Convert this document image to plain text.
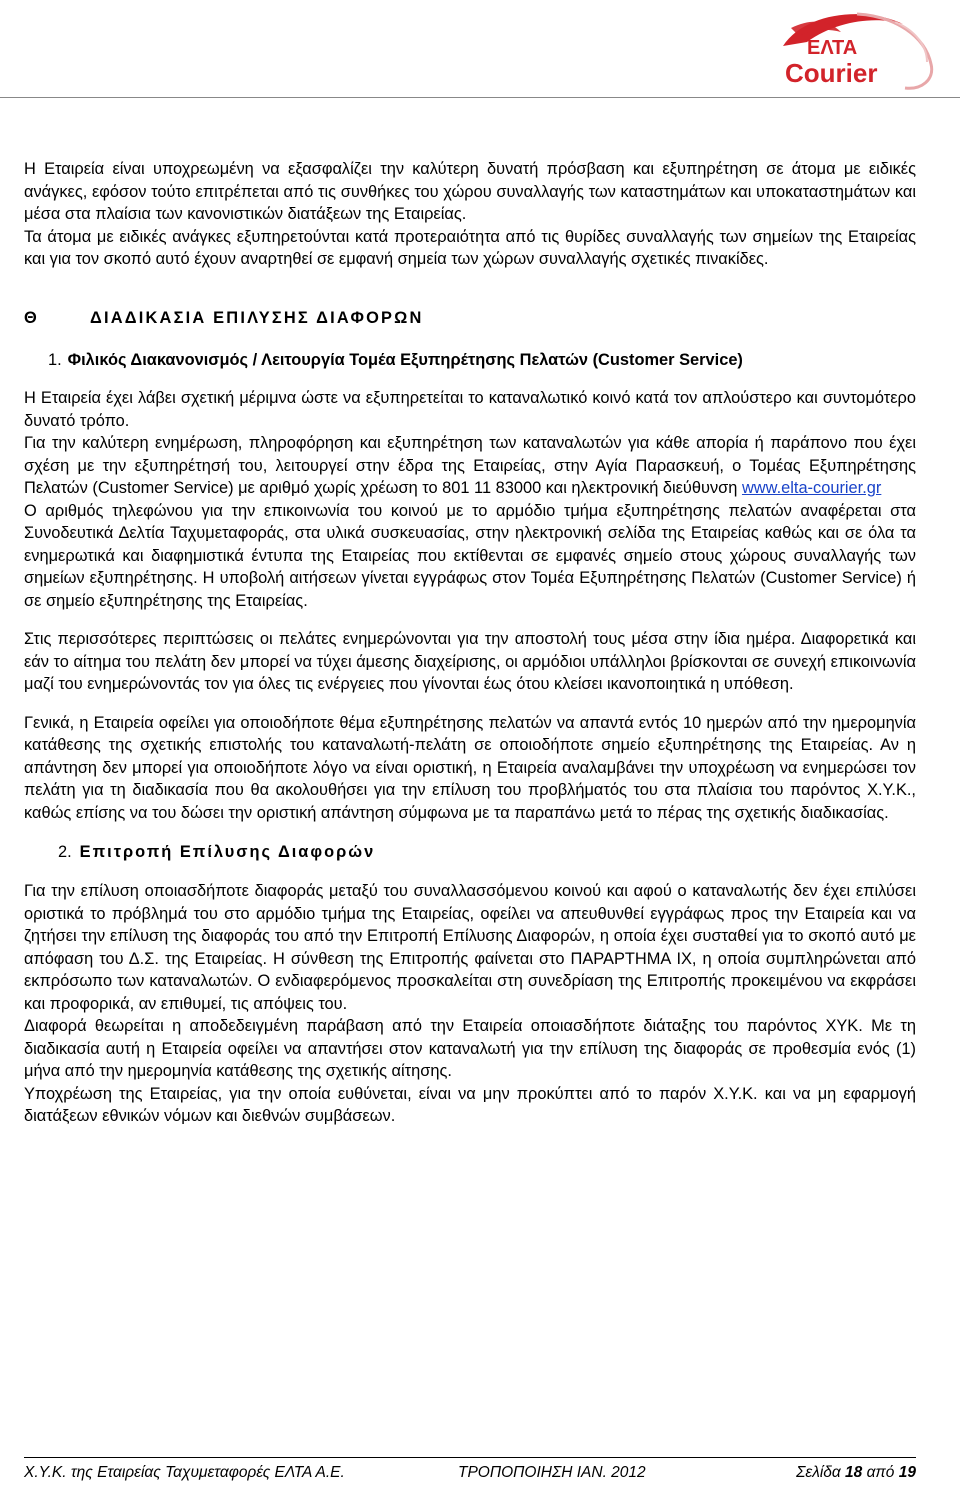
ΕΛΤΑ
Courier

Η Εταιρεία είναι υποχρεωμένη να εξασφαλίζει την καλύτερη δυνατή πρόσβαση και εξυπηρέτηση σε άτομα με ειδικές ανάγκες, εφόσον τούτο επιτρέπεται από τις συνθήκες του χώρου συναλλαγής των καταστημάτων και υποκαταστημάτων και μέσα στα πλαίσια των κανονιστικών διατάξεων της Εταιρείας.

Τα άτομα με ειδικές ανάγκες εξυπηρετούνται κατά προτεραιότητα από τις θυρίδες συναλλαγής των σημείων της Εταιρείας και για τον σκοπό αυτό έχουν αναρτηθεί σε εμφανή σημεία των χώρων συναλλαγής σχετικές πινακίδες.

Θ	ΔΙΑΔΙΚΑΣΙΑ ΕΠΙΛΥΣΗΣ ΔΙΑΦΟΡΩΝ
1. Φιλικός Διακανονισμός / Λειτουργία Τομέα Εξυπηρέτησης Πελατών (Customer Service)

Η Εταιρεία έχει λάβει σχετική μέριμνα ώστε να εξυπηρετείται το καταναλωτικό κοινό κατά τον απλούστερο και συντομότερο δυνατό τρόπο.

Για την καλύτερη ενημέρωση, πληροφόρηση και εξυπηρέτηση των καταναλωτών για κάθε απορία ή παράπονο που έχει σχέση με την εξυπηρέτησή του, λειτουργεί στην έδρα της Εταιρείας, στην Αγία Παρασκευή, ο Τομέας Εξυπηρέτησης Πελατών (Customer Service) με αριθμό χωρίς χρέωση το 801 11 83000 και ηλεκτρονική διεύθυνση www.elta-courier.gr

Ο αριθμός τηλεφώνου για την επικοινωνία του κοινού με το αρμόδιο τμήμα εξυπηρέτησης πελατών αναφέρεται στα Συνοδευτικά Δελτία Ταχυμεταφοράς, στα υλικά συσκευασίας, στην ηλεκτρονική σελίδα της Εταιρείας καθώς και σε όλα τα ενημερωτικά και διαφημιστικά έντυπα της Εταιρείας που εκτίθενται σε εμφανές σημείο στους χώρους συναλλαγής των σημείων εξυπηρέτησης. Η υποβολή αιτήσεων γίνεται εγγράφως στον Τομέα Εξυπηρέτησης Πελατών (Customer Service) ή σε σημείο εξυπηρέτησης της Εταιρείας.

Στις περισσότερες περιπτώσεις οι πελάτες ενημερώνονται για την αποστολή τους μέσα στην ίδια ημέρα. Διαφορετικά και εάν το αίτημα του πελάτη δεν μπορεί να τύχει άμεσης διαχείρισης, οι αρμόδιοι υπάλληλοι βρίσκονται σε συνεχή επικοινωνία μαζί του ενημερώνοντάς τον για όλες τις ενέργειες που γίνονται έως ότου κλείσει ικανοποιητικά η υπόθεση.

Γενικά, η Εταιρεία οφείλει για οποιοδήποτε θέμα εξυπηρέτησης πελατών να απαντά εντός 10 ημερών από την ημερομηνία κατάθεσης της σχετικής επιστολής του καταναλωτή-πελάτη σε οποιοδήποτε σημείο εξυπηρέτησης της Εταιρείας. Αν η απάντηση δεν μπορεί για οποιοδήποτε λόγο να είναι οριστική, η Εταιρεία αναλαμβάνει την υποχρέωση να ενημερώσει τον πελάτη για τη διαδικασία που θα ακολουθήσει για την επίλυση του προβλήματός του στα πλαίσια του παρόντος Χ.Υ.Κ., καθώς επίσης να του δώσει την οριστική απάντηση σύμφωνα με τα παραπάνω μετά το πέρας της σχετικής διαδικασίας.

2. Επιτροπή Επίλυσης Διαφορών

Για την επίλυση οποιασδήποτε διαφοράς μεταξύ του συναλλασσόμενου κοινού και αφού ο καταναλωτής δεν έχει επιλύσει οριστικά το πρόβλημά του στο αρμόδιο τμήμα της Εταιρείας, οφείλει να απευθυνθεί εγγράφως προς την Εταιρεία και να ζητήσει την επίλυση της διαφοράς του από την Επιτροπή Επίλυσης Διαφορών, η οποία έχει συσταθεί για το σκοπό αυτό με απόφαση του Δ.Σ. της Εταιρείας. Η σύνθεση της Επιτροπής φαίνεται στο ΠΑΡΑΡΤΗΜΑ ΙΧ, η οποία συμπληρώνεται από εκπρόσωπο των καταναλωτών. Ο ενδιαφερόμενος προσκαλείται στη συνεδρίαση της Επιτροπής προκειμένου να εκφράσει και προφορικά, αν επιθυμεί, τις απόψεις του.

Διαφορά θεωρείται η αποδεδειγμένη παράβαση από την Εταιρεία οποιασδήποτε διάταξης του παρόντος ΧΥΚ. Με τη διαδικασία αυτή η Εταιρεία οφείλει να απαντήσει στον καταναλωτή για την επίλυση της διαφοράς σε προθεσμία ενός (1) μήνα από την ημερομηνία κατάθεσης της σχετικής αίτησης.

Υποχρέωση της Εταιρείας, για την οποία ευθύνεται, είναι να μην προκύπτει από το παρόν Χ.Υ.Κ. και να μη εφαρμογή διατάξεων εθνικών νόμων και διεθνών συμβάσεων.

Χ.Υ.Κ. της Εταιρείας Ταχυμεταφορές ΕΛΤΑ Α.Ε.	ΤΡΟΠΟΠΟΙΗΣΗ ΙΑΝ. 2012	Σελίδα 18 από 19
